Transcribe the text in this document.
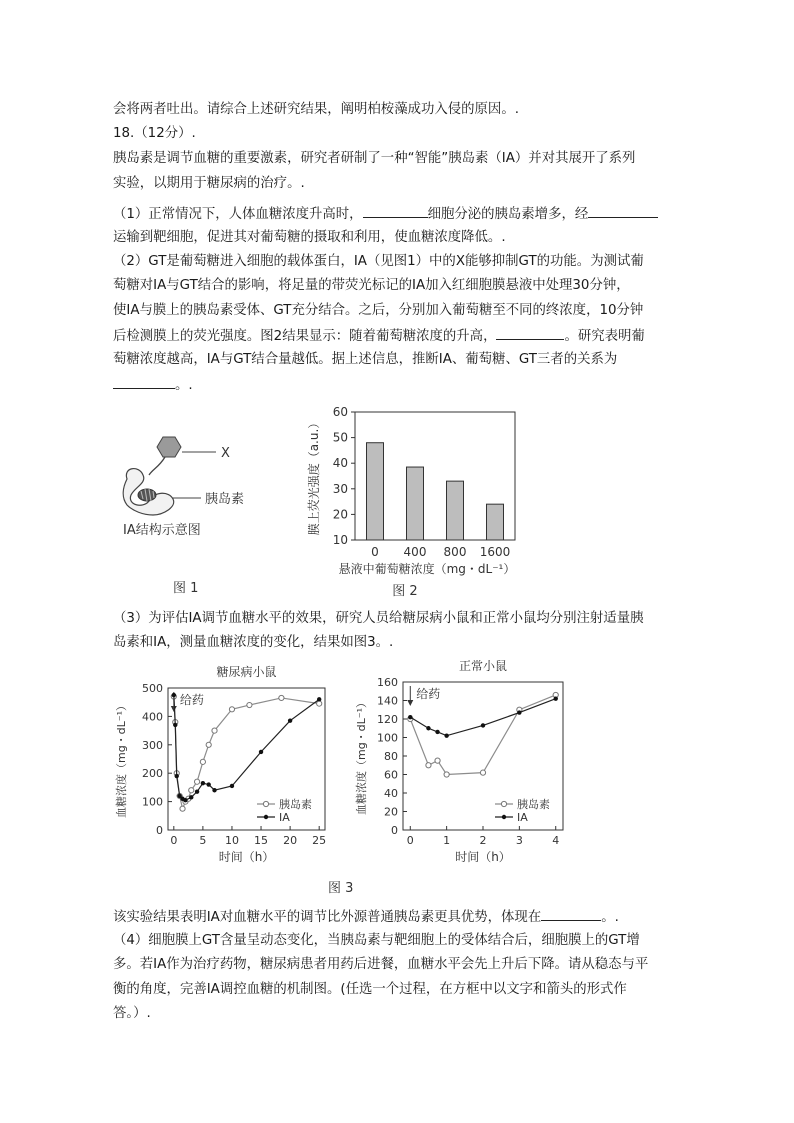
会将两者吐出。请综合上述研究结果，阐明柏桉藻成功入侵的原因。.
18.（12分）.
胰岛素是调节血糖的重要激素，研究者研制了一种“智能”胰岛素（IA）并对其展开了系列
实验，以期用于糖尿病的治疗。.
运输到靶细胞，促进其对葡萄糖的摄取和利用，使血糖浓度降低。.
（1）正常情况下，人体血糖浓度升高时，	细胞分泌的胰岛素增多，经
（2）GT是葡萄糖进入细胞的载体蛋白，IA（见图1）中的X能够抑制GT的功能。为测试葡
萄糖对IA与GT结合的影响，将足量的带荧光标记的IA加入红细胞膜悬液中处理30分钟，
使IA与膜上的胰岛素受体、GT充分结合。之后，分别加入葡萄糖至不同的终浓度，10分钟
后检测膜上的荧光强度。图2结果显示：随着葡萄糖浓度的升高，	。研究表明葡
萄糖浓度越高，IA与GT结合量越低。据上述信息，推断IA、葡萄糖、GT三者的关系为
。.
X
胰岛素
IA结构示意图
图 1
10
20
30
40
50
60
0 400 800 1600
膜上荧光强度（a.u.）
悬液中葡萄糖浓度（mg・dL⁻¹）
图 2
（3）为评估IA调节血糖水平的效果，研究人员给糖尿病小鼠和正常小鼠均分别注射适量胰
岛素和IA，测量血糖浓度的变化，结果如图3。.
糖尿病小鼠
0
100
200
300
400
500
0 5 10 15 20 25
血糖浓度（mg・dL⁻¹）
时间（h）
给药
胰岛素
IA
正常小鼠
0
20
40
60
80
100
120
140
160
0	1	2	3	4
血糖浓度（mg・dL⁻¹）
时间（h）
给药
胰岛素
IA
图 3
该实验结果表明IA对血糖水平的调节比外源普通胰岛素更具优势，体现在	。.
（4）细胞膜上GT含量呈动态变化，当胰岛素与靶细胞上的受体结合后，细胞膜上的GT增
多。若IA作为治疗药物，糖尿病患者用药后进餐，血糖水平会先上升后下降。请从稳态与平
衡的角度，完善IA调控血糖的机制图。(任选一个过程，在方框中以文字和箭头的形式作
答。）.
